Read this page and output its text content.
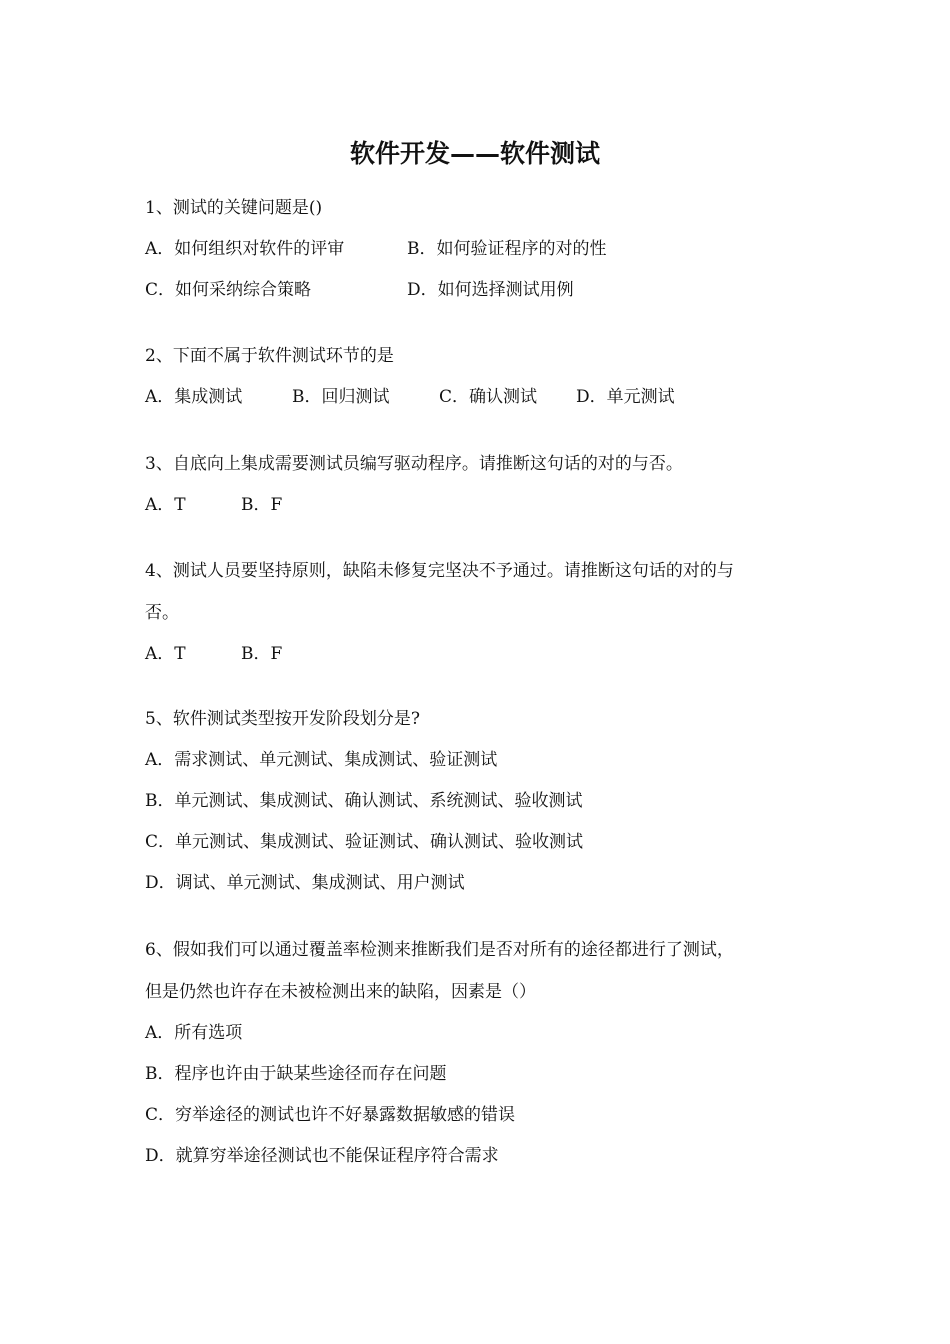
软件开发——软件测试
1、测试的关键问题是()
A．如何组织对软件的评审	B．如何验证程序的对的性
C．如何采纳综合策略	D．如何选择测试用例
2、下面不属于软件测试环节的是
A．集成测试	B．回归测试	C．确认测试 D．单元测试
3、自底向上集成需要测试员编写驱动程序。请推断这句话的对的与否。
A．T	B．F
4、测试人员要坚持原则，缺陷未修复完坚决不予通过。请推断这句话的对的与
否。
A．T	B．F
5、软件测试类型按开发阶段划分是?
A．需求测试、单元测试、集成测试、验证测试
B．单元测试、集成测试、确认测试、系统测试、验收测试
C．单元测试、集成测试、验证测试、确认测试、验收测试
D．调试、单元测试、集成测试、用户测试
6、假如我们可以通过覆盖率检测来推断我们是否对所有的途径都进行了测试，
但是仍然也许存在未被检测出来的缺陷，因素是（）
A．所有选项
B．程序也许由于缺某些途径而存在问题
C．穷举途径的测试也许不好暴露数据敏感的错误
D．就算穷举途径测试也不能保证程序符合需求
